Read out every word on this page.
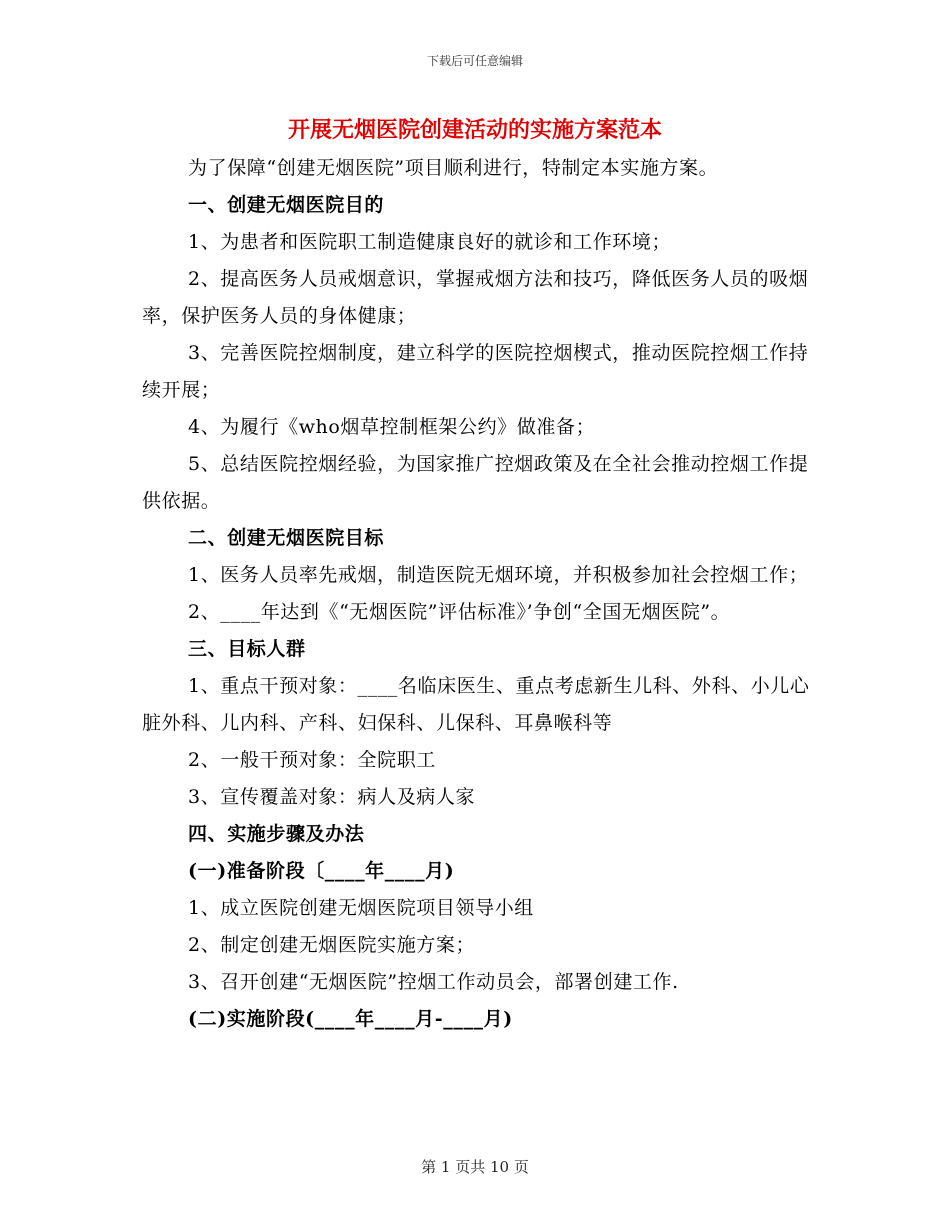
下载后可任意编辑
开展无烟医院创建活动的实施方案范本

为了保障“创建无烟医院”项目顺利进行，特制定本实施方案。

一、创建无烟医院目的

1、为患者和医院职工制造健康良好的就诊和工作环境；

2、提高医务人员戒烟意识，掌握戒烟方法和技巧，降低医务人员的吸烟率，保护医务人员的身体健康；

3、完善医院控烟制度，建立科学的医院控烟楔式，推动医院控烟工作持续开展；

4、为履行《who烟草控制框架公约》做准备；

5、总结医院控烟经验，为国家推广控烟政策及在全社会推动控烟工作提供依据。

二、创建无烟医院目标

1、医务人员率先戒烟，制造医院无烟环境，并积极参加社会控烟工作；

2、____年达到《“无烟医院”评估标准》’争创“全国无烟医院”。

三、目标人群

1、重点干预对象：____名临床医生、重点考虑新生儿科、外科、小儿心脏外科、儿内科、产科、妇保科、儿保科、耳鼻喉科等

2、一般干预对象：全院职工

3、宣传覆盖对象：病人及病人家

四、实施步骤及办法

(一)准备阶段〔____年____月)

1、成立医院创建无烟医院项目领导小组

2、制定创建无烟医院实施方案；

3、召开创建“无烟医院”控烟工作动员会，部署创建工作.

(二)实施阶段(____年____月-____月)

第 1 页共 10 页
